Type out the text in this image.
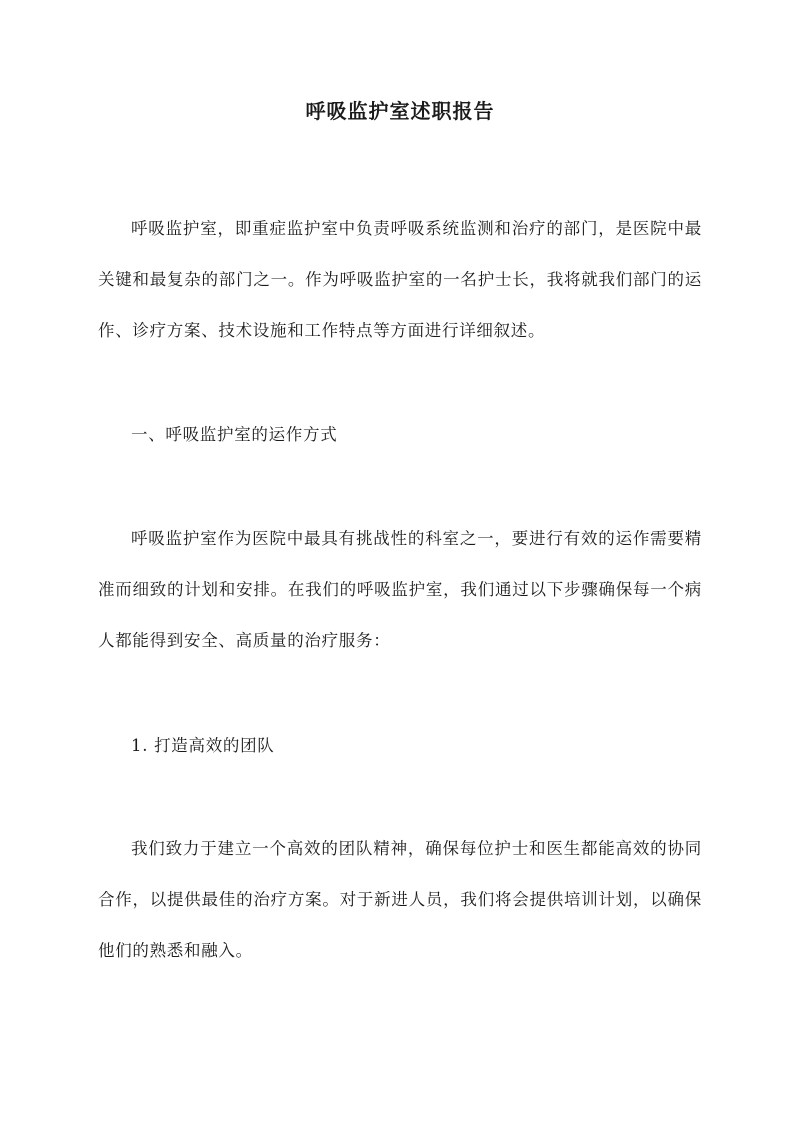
呼吸监护室述职报告

呼吸监护室，即重症监护室中负责呼吸系统监测和治疗的部门，是医院中最关键和最复杂的部门之一。作为呼吸监护室的一名护士长，我将就我们部门的运作、诊疗方案、技术设施和工作特点等方面进行详细叙述。

一、呼吸监护室的运作方式

呼吸监护室作为医院中最具有挑战性的科室之一，要进行有效的运作需要精准而细致的计划和安排。在我们的呼吸监护室，我们通过以下步骤确保每一个病人都能得到安全、高质量的治疗服务：

1. 打造高效的团队

我们致力于建立一个高效的团队精神，确保每位护士和医生都能高效的协同合作，以提供最佳的治疗方案。对于新进人员，我们将会提供培训计划，以确保他们的熟悉和融入。
